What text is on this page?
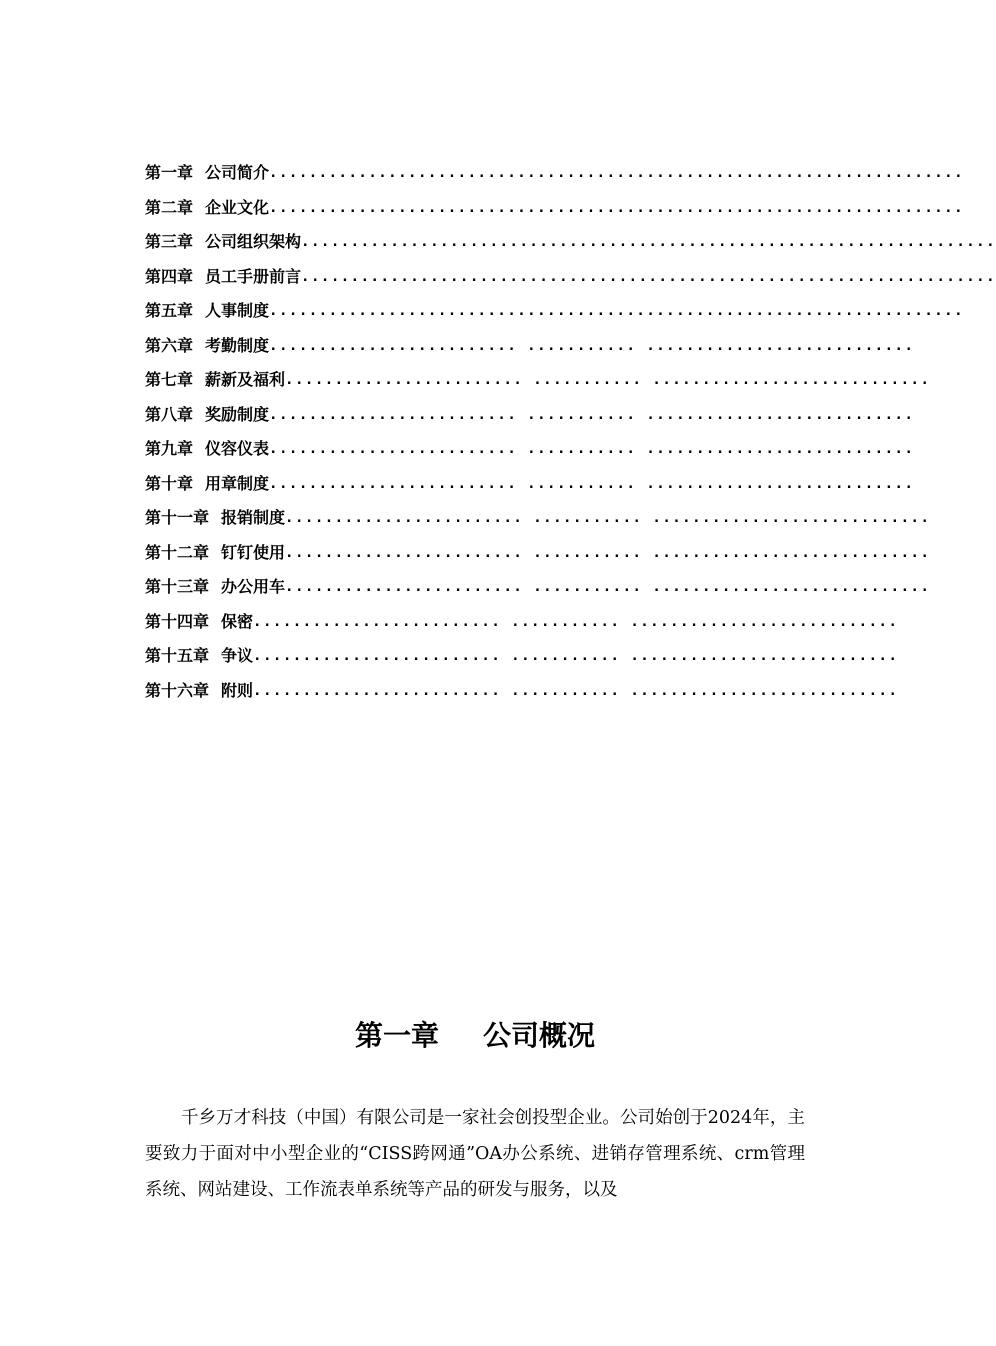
第一章 公司简介 ......................................................................
第二章 企业文化 ......................................................................
第三章 公司组织架构 ......................................................................
第四章 员工手册前言 ......................................................................
第五章 人事制度 ......................................................................
第六章 考勤制度 ......................... ........... ...........................
第七章 薪新及福利 ........................ ........... ............................
第八章 奖励制度 ......................... ........... ...........................
第九章 仪容仪表 ......................... ........... ...........................
第十章 用章制度 ......................... ........... ...........................
第十一章 报销制度 ........................ ........... ............................
第十二章 钉钉使用 ........................ ........... ............................
第十三章 办公用车 ........................ ........... ............................
第十四章 保密 ......................... ........... ...........................
第十五章 争议 ......................... ........... ...........................
第十六章 附则 ......................... ........... ...........................
第一章 公司概况

千乡万才科技（中国）有限公司是一家社会创投型企业。公司始创于2024年，主要致力于面对中小型企业的“CISS跨网通”OA办公系统、进销存管理系统、crm管理系统、网站建设、工作流表单系统等产品的研发与服务，以及
